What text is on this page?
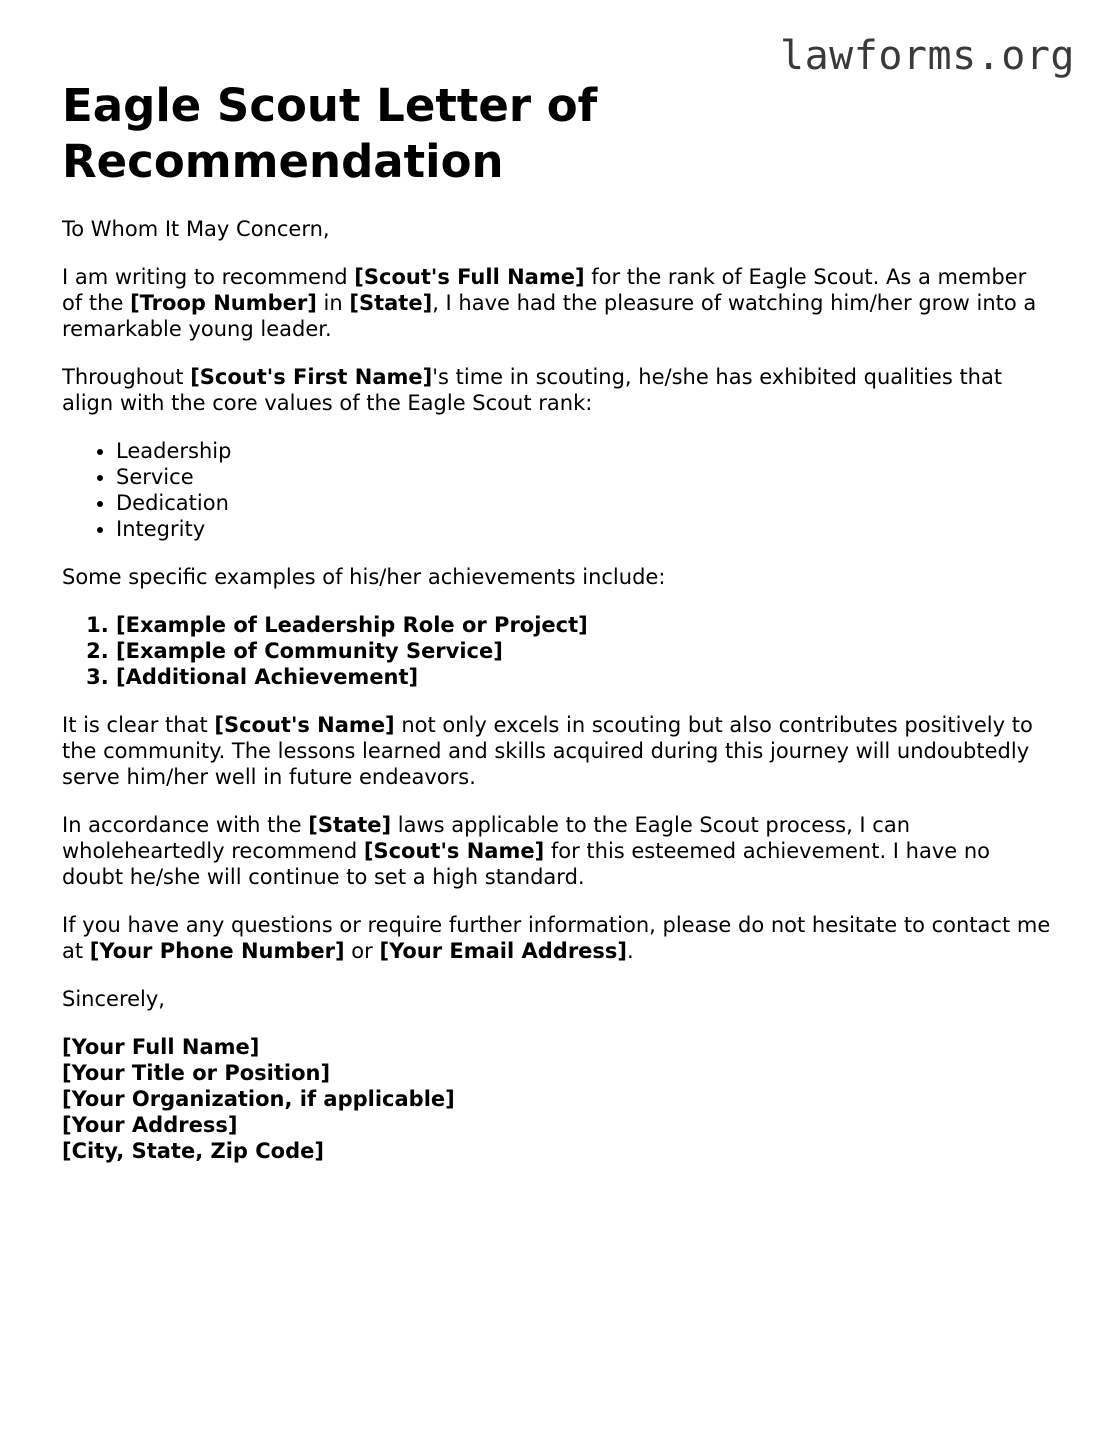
lawforms.org
Eagle Scout Letter of Recommendation

To Whom It May Concern,

I am writing to recommend [Scout's Full Name] for the rank of Eagle Scout. As a member of the [Troop Number] in [State], I have had the pleasure of watching him/her grow into a remarkable young leader.

Throughout [Scout's First Name]'s time in scouting, he/she has exhibited qualities that align with the core values of the Eagle Scout rank:

• Leadership
• Service
• Dedication
• Integrity

Some specific examples of his/her achievements include:

1. [Example of Leadership Role or Project]
2. [Example of Community Service]
3. [Additional Achievement]

It is clear that [Scout's Name] not only excels in scouting but also contributes positively to the community. The lessons learned and skills acquired during this journey will undoubtedly serve him/her well in future endeavors.

In accordance with the [State] laws applicable to the Eagle Scout process, I can wholeheartedly recommend [Scout's Name] for this esteemed achievement. I have no doubt he/she will continue to set a high standard.

If you have any questions or require further information, please do not hesitate to contact me at [Your Phone Number] or [Your Email Address].

Sincerely,

[Your Full Name]
[Your Title or Position]
[Your Organization, if applicable]
[Your Address]
[City, State, Zip Code]
